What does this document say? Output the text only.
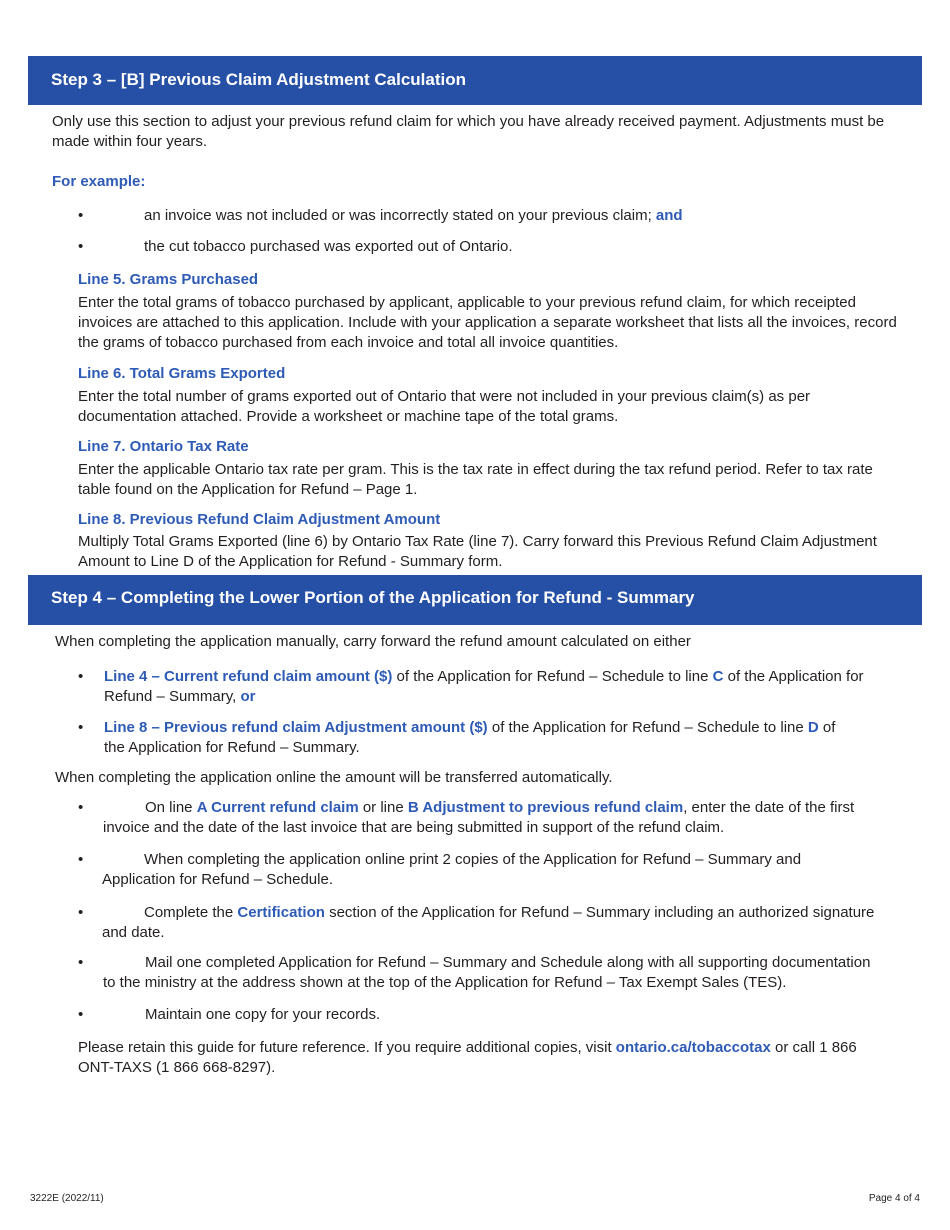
Step 3 – [B] Previous Claim Adjustment Calculation
Only use this section to adjust your previous refund claim for which you have already received payment. Adjustments must be made within four years.
For example:
•	an invoice was not included or was incorrectly stated on your previous claim; and
•	the cut tobacco purchased was exported out of Ontario.
Line 5. Grams Purchased
Enter the total grams of tobacco purchased by applicant, applicable to your previous refund claim, for which receipted invoices are attached to this application. Include with your application a separate worksheet that lists all the invoices, record the grams of tobacco purchased from each invoice and total all invoice quantities.
Line 6. Total Grams Exported
Enter the total number of grams exported out of Ontario that were not included in your previous claim(s) as per documentation attached. Provide a worksheet or machine tape of the total grams.
Line 7. Ontario Tax Rate
Enter the applicable Ontario tax rate per gram. This is the tax rate in effect during the tax refund period. Refer to tax rate table found on the Application for Refund – Page 1.
Line 8. Previous Refund Claim Adjustment Amount
Multiply Total Grams Exported (line 6) by Ontario Tax Rate (line 7). Carry forward this Previous Refund Claim Adjustment Amount to Line D of the Application for Refund - Summary form.
Step 4 – Completing the Lower Portion of the Application for Refund - Summary
When completing the application manually, carry forward the refund amount calculated on either
• Line 4 – Current refund claim amount ($) of the Application for Refund – Schedule to line C of the Application for Refund – Summary, or
• Line 8 – Previous refund claim Adjustment amount ($) of the Application for Refund – Schedule to line D of the Application for Refund – Summary.
When completing the application online the amount will be transferred automatically.
•	On line A Current refund claim or line B Adjustment to previous refund claim, enter the date of the first invoice and the date of the last invoice that are being submitted in support of the refund claim.
•	When completing the application online print 2 copies of the Application for Refund – Summary and Application for Refund – Schedule.
•	Complete the Certification section of the Application for Refund – Summary including an authorized signature and date.
•	Mail one completed Application for Refund – Summary and Schedule along with all supporting documentation to the ministry at the address shown at the top of the Application for Refund – Tax Exempt Sales (TES).
•	Maintain one copy for your records.
Please retain this guide for future reference. If you require additional copies, visit ontario.ca/tobaccotax or call 1 866 ONT-TAXS (1 866 668-8297).
3222E (2022/11)	Page 4 of 4
